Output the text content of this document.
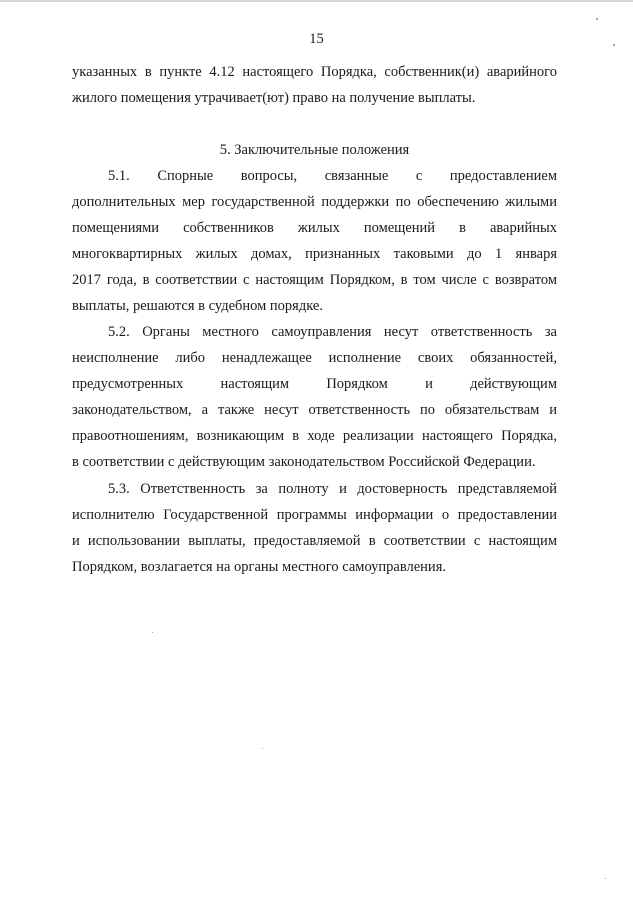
15
указанных в пункте 4.12 настоящего Порядка, собственник(и) аварийного
жилого помещения утрачивает(ют) право на получение выплаты.
5. Заключительные положения
5.1. Спорные вопросы, связанные с предоставлением
дополнительных мер государственной поддержки по обеспечению жилыми
помещениями собственников жилых помещений в аварийных
многоквартирных жилых домах, признанных таковыми до 1 января
2017 года, в соответствии с настоящим Порядком, в том числе с возвратом
выплаты, решаются в судебном порядке.
5.2. Органы местного самоуправления несут ответственность за
неисполнение либо ненадлежащее исполнение своих обязанностей,
предусмотренных настоящим Порядком и действующим
законодательством, а также несут ответственность по обязательствам и
правоотношениям, возникающим в ходе реализации настоящего Порядка,
в соответствии с действующим законодательством Российской Федерации.
5.3. Ответственность за полноту и достоверность представляемой
исполнителю Государственной программы информации о предоставлении
и использовании выплаты, предоставляемой в соответствии с настоящим
Порядком, возлагается на органы местного самоуправления.
